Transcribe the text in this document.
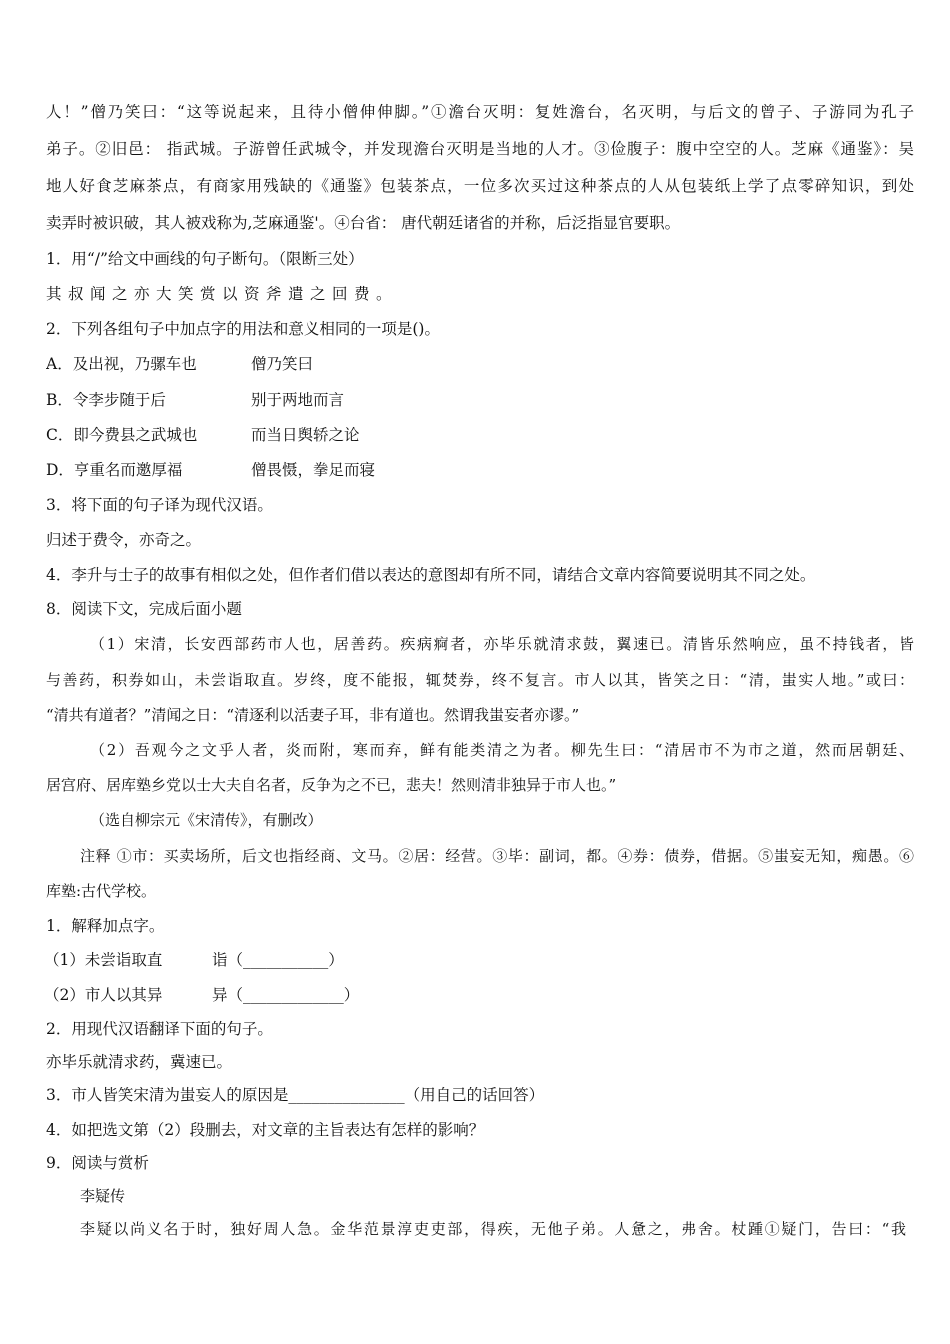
人！”僧乃笑曰：“这等说起来，且待小僧伸伸脚。”①澹台灭明：复姓澹台，名灭明，与后文的曾子、子游同为孔子
弟子。②旧邑： 指武城。子游曾任武城令，并发现澹台灭明是当地的人才。③俭腹子：腹中空空的人。芝麻《通鉴》：吴
地人好食芝麻茶点，有商家用残缺的《通鉴》包装茶点，一位多次买过这种茶点的人从包装纸上学了点零碎知识，到处
卖弄时被识破，其人被戏称为,芝麻通鉴'。④台省： 唐代朝廷诸省的并称，后泛指显官要职。
1．用“/”给文中画线的句子断句。（限断三处）
其叔闻之亦大笑赏以资斧遣之回费。
2．下列各组句子中加点字的用法和意义相同的一项是()。
A．及出视，乃骡车也	僧乃笑曰
B．令李步随于后	别于两地而言
C．即今费县之武城也	而当日舆轿之论
D．亨重名而邀厚福	僧畏慑，拳足而寝
3．将下面的句子译为现代汉语。
归述于费令，亦奇之。
4．李升与士子的故事有相似之处，但作者们借以表达的意图却有所不同，请结合文章内容简要说明其不同之处。
8．阅读下文，完成后面小题
（1）宋清，长安西部药市人也，居善药。疾病痾者，亦毕乐就清求鼓，翼速已。清皆乐然响应，虽不持钱者，皆
与善药，积券如山，未尝诣取直。岁终，度不能报，辄焚券，终不复言。市人以其，皆笑之日：“清，蚩实人地。”或曰：
“清共有道者？”清闻之日：“清逐利以活妻子耳，非有道也。然谓我蚩妄者亦谬。”
（2）吾观今之文乎人者，炎而附，寒而弃，鲜有能类清之为者。柳先生曰：“清居市不为市之道，然而居朝廷、
居宫府、居库塾乡党以士大夫自名者，反争为之不已，悲夫！然则清非独异于市人也。”
（选自柳宗元《宋清传》，有删改）
注释 ①市：买卖场所，后文也指经商、文马。②居：经营。③毕：副词，都。④券：债券，借据。⑤蚩妄无知，痴愚。⑥
库塾:古代学校。
1．解释加点字。
（1）未尝诣取直	诣（___________）
（2）市人以其异	异（_____________）
2．用现代汉语翻译下面的句子。
亦毕乐就清求药，冀速已。
3．市人皆笑宋清为蚩妄人的原因是_______________（用自己的话回答）
4．如把选文第（2）段删去，对文章的主旨表达有怎样的影响？
9．阅读与赏析
李疑传
李疑以尚义名于时，独好周人急。金华范景淳吏吏部，得疾，无他子弟。人惫之，弗舍。杖踵①疑门，告曰：“我
